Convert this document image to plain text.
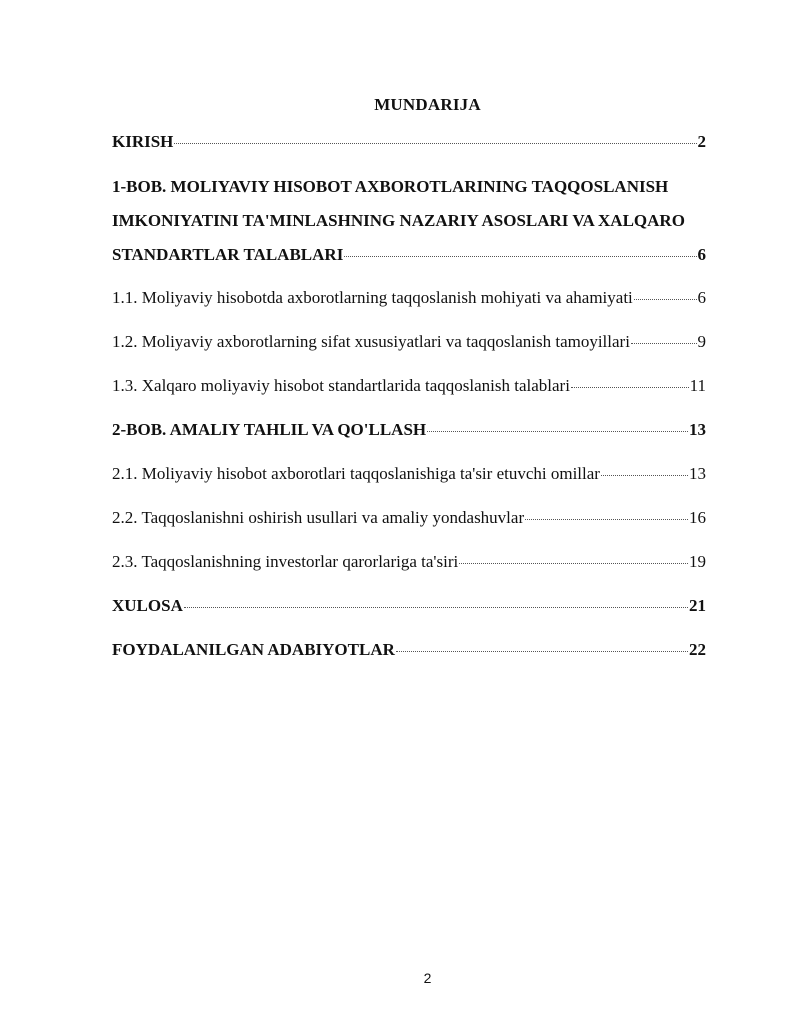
MUNDARIJA
KIRISH	2
1-BOB. MOLIYAVIY HISOBOT AXBOROTLARINING TAQQOSLANISH
IMKONIYATINI TA'MINLASHNING NAZARIY ASOSLARI VA XALQARO
STANDARTLAR TALABLARI	6
1.1. Moliyaviy hisobotda axborotlarning taqqoslanish mohiyati va ahamiyati	6
1.2. Moliyaviy axborotlarning sifat xususiyatlari va taqqoslanish tamoyillari	9
1.3. Xalqaro moliyaviy hisobot standartlarida taqqoslanish talablari	11
2-BOB. AMALIY TAHLIL VA QO'LLASH	13
2.1. Moliyaviy hisobot axborotlari taqqoslanishiga ta'sir etuvchi omillar	13
2.2. Taqqoslanishni oshirish usullari va amaliy yondashuvlar	16
2.3. Taqqoslanishning investorlar qarorlariga ta'siri	19
XULOSA	21
FOYDALANILGAN ADABIYOTLAR	22
2
